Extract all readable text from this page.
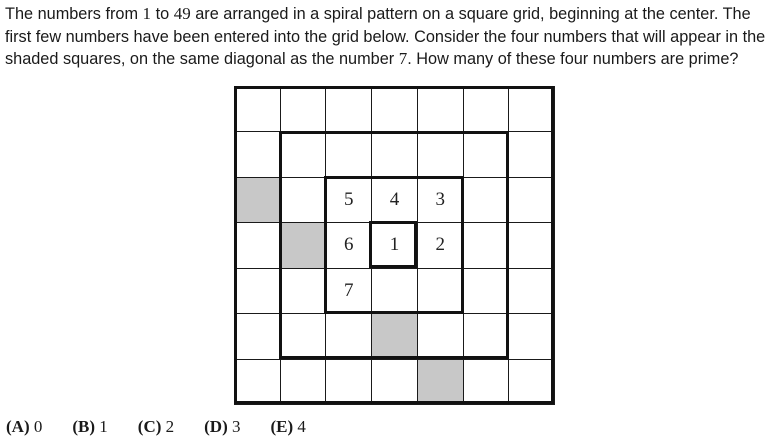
The numbers from 1 to 49 are arranged in a spiral pattern on a square grid, beginning at the center. The first few numbers have been entered into the grid below. Consider the four numbers that will appear in the shaded squares, on the same diagonal as the number 7. How many of these four numbers are prime?

5	4	3
6	1	2
7
(A) 0 (B) 1 (C) 2 (D) 3 (E) 4
